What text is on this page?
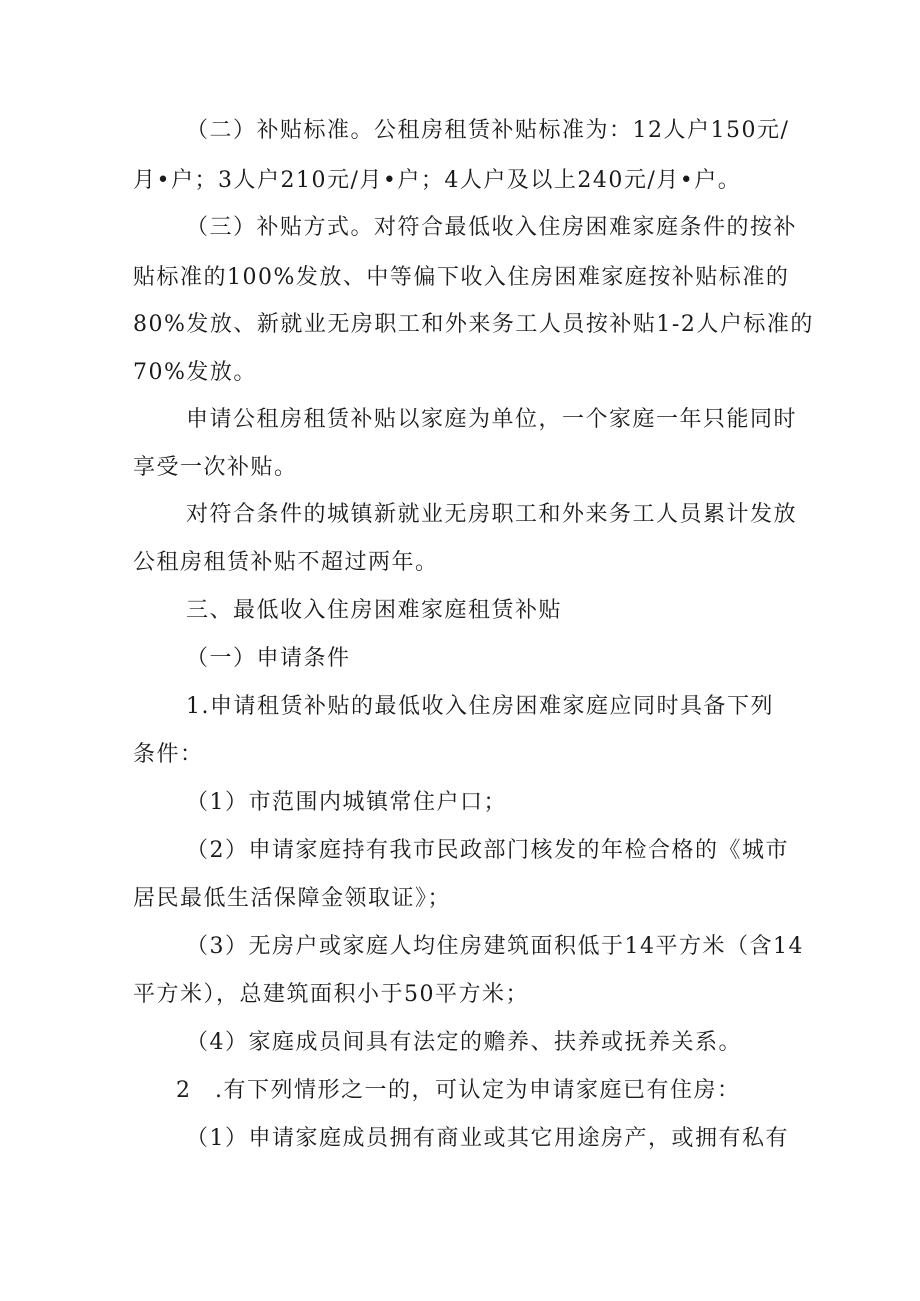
（二）补贴标准。公租房租赁补贴标准为：12人户150元/
月•户；3人户210元/月•户；4人户及以上240元/月•户。
（三）补贴方式。对符合最低收入住房困难家庭条件的按补
贴标准的100%发放、中等偏下收入住房困难家庭按补贴标准的
80%发放、新就业无房职工和外来务工人员按补贴1-2人户标准的
70%发放。
申请公租房租赁补贴以家庭为单位，一个家庭一年只能同时
享受一次补贴。
对符合条件的城镇新就业无房职工和外来务工人员累计发放
公租房租赁补贴不超过两年。
三、最低收入住房困难家庭租赁补贴
（一）申请条件
1.申请租赁补贴的最低收入住房困难家庭应同时具备下列
条件：
（1）市范围内城镇常住户口；
（2）申请家庭持有我市民政部门核发的年检合格的《城市
居民最低生活保障金领取证》；
（3）无房户或家庭人均住房建筑面积低于14平方米（含14
平方米），总建筑面积小于50平方米；
（4）家庭成员间具有法定的赡养、扶养或抚养关系。
2　.有下列情形之一的，可认定为申请家庭已有住房：
（1）申请家庭成员拥有商业或其它用途房产，或拥有私有
